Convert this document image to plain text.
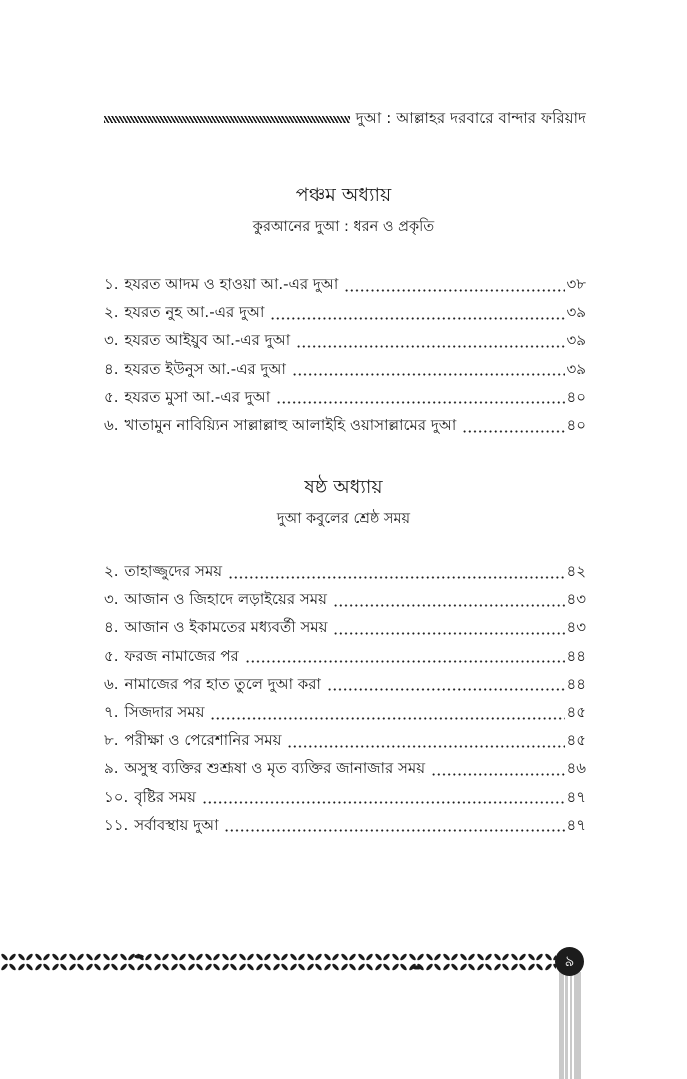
দুআ : আল্লাহর দরবারে বান্দার ফরিয়াদ
পঞ্চম অধ্যায়
কুরআনের দুআ : ধরন ও প্রকৃতি
১. হযরত আদম ও হাওয়া আ.-এর দুআ	৩৮
২. হযরত নুহ আ.-এর দুআ	৩৯
৩. হযরত আইয়ুব আ.-এর দুআ	৩৯
৪. হযরত ইউনুস আ.-এর দুআ	৩৯
৫. হযরত মুসা আ.-এর দুআ	৪০
৬. খাতামুন নাবিয়্যিন সাল্লাল্লাহু আলাইহি ওয়াসাল্লামের দুআ	৪০
ষষ্ঠ অধ্যায়
দুআ কবুলের শ্রেষ্ঠ সময়
২. তাহাজ্জুদের সময়	৪২
৩. আজান ও জিহাদে লড়াইয়ের সময়	৪৩
৪. আজান ও ইকামতের মধ্যবর্তী সময়	৪৩
৫. ফরজ নামাজের পর	৪৪
৬. নামাজের পর হাত তুলে দুআ করা	৪৪
৭. সিজদার সময়	৪৫
৮. পরীক্ষা ও পেরেশানির সময়	৪৫
৯. অসুস্থ ব্যক্তির শুশ্রূষা ও মৃত ব্যক্তির জানাজার সময়	৪৬
১০. বৃষ্টির সময়	৪৭
১১. সর্বাবস্থায় দুআ	৪৭
৯
